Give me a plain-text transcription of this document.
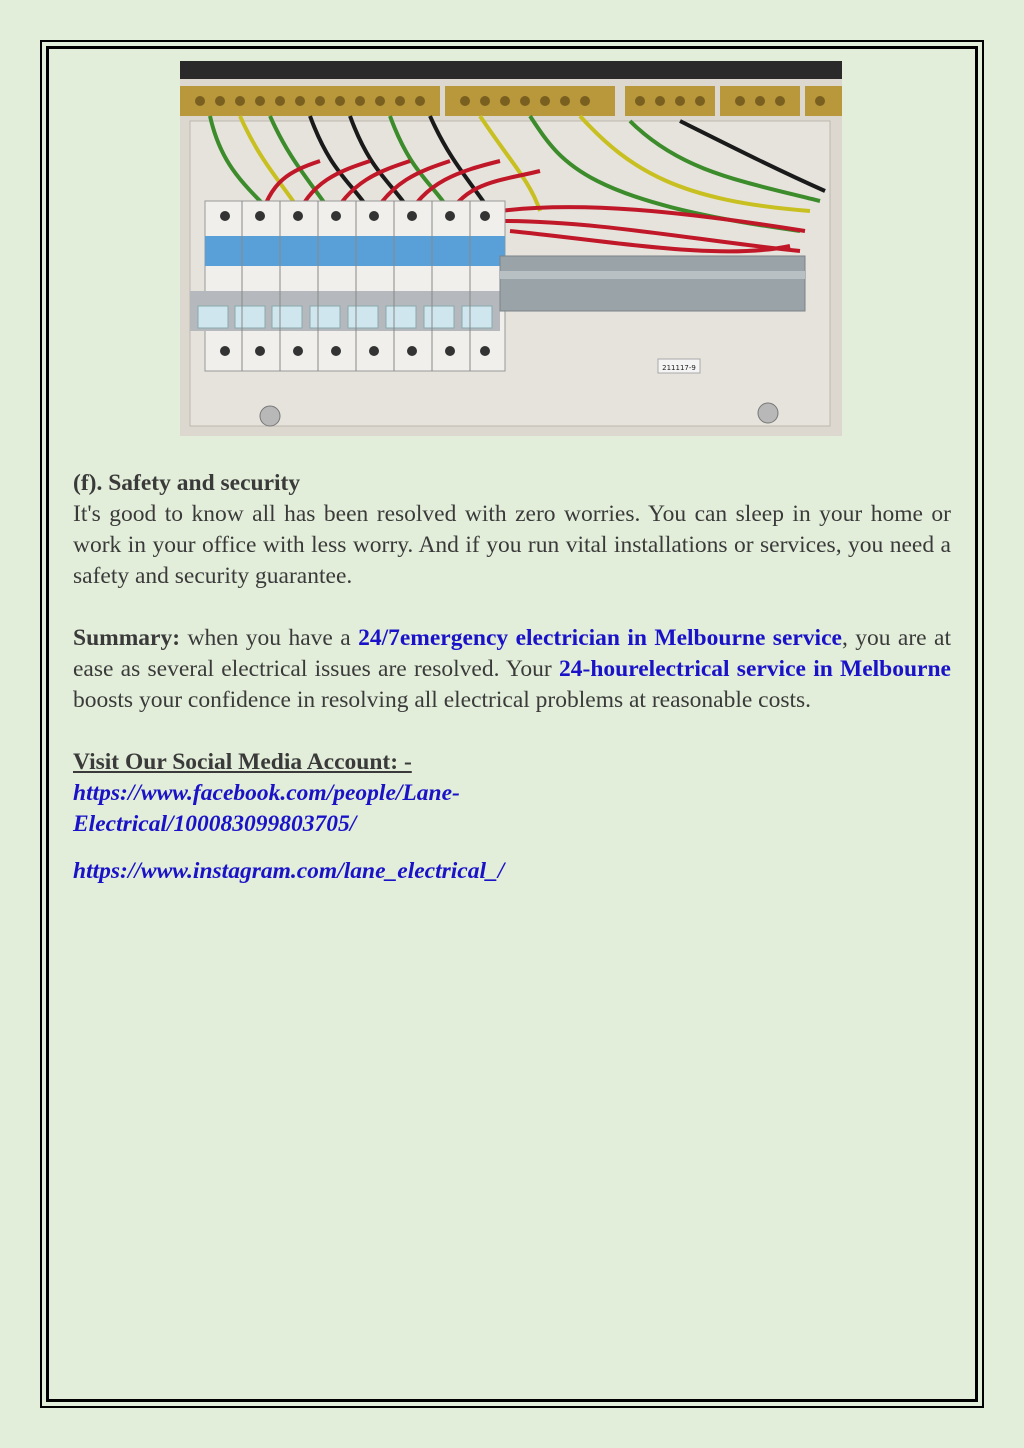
211117-9

(f). Safety and security

It's good to know all has been resolved with zero worries. You can sleep in your home or work in your office with less worry. And if you run vital installations or services, you need a safety and security guarantee.

Summary: when you have a 24/7emergency electrician in Melbourne service, you are at ease as several electrical issues are resolved. Your 24-hourelectrical service in Melbourne boosts your confidence in resolving all electrical problems at reasonable costs.

Visit Our Social Media Account: -

https://www.facebook.com/people/Lane-
Electrical/100083099803705/
https://www.instagram.com/lane_electrical_/
